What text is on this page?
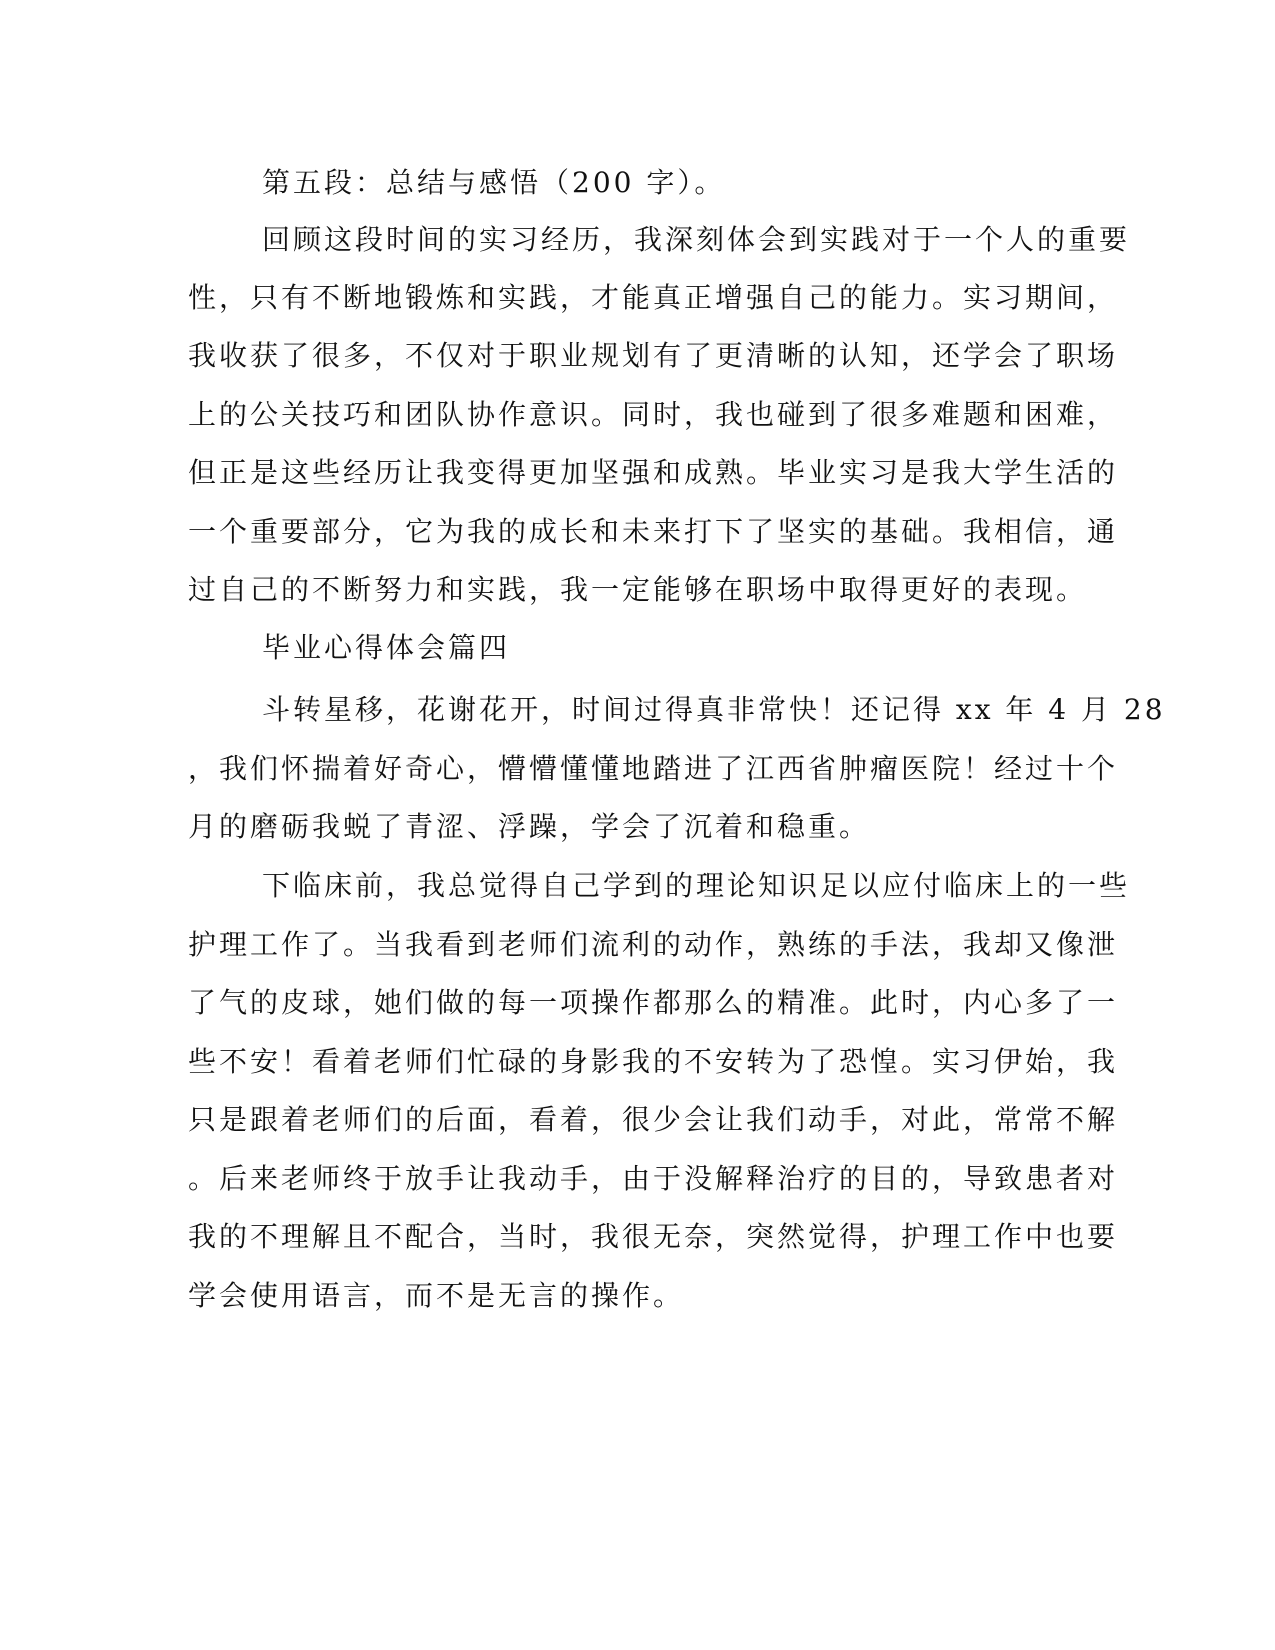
第五段：总结与感悟（200 字）。
回顾这段时间的实习经历，我深刻体会到实践对于一个人的重要
性，只有不断地锻炼和实践，才能真正增强自己的能力。实习期间，
我收获了很多，不仅对于职业规划有了更清晰的认知，还学会了职场
上的公关技巧和团队协作意识。同时，我也碰到了很多难题和困难，
但正是这些经历让我变得更加坚强和成熟。毕业实习是我大学生活的
一个重要部分，它为我的成长和未来打下了坚实的基础。我相信，通
过自己的不断努力和实践，我一定能够在职场中取得更好的表现。
毕业心得体会篇四
斗转星移，花谢花开，时间过得真非常快！还记得 xx 年 4 月 28
，我们怀揣着好奇心，懵懵懂懂地踏进了江西省肿瘤医院！经过十个
月的磨砺我蜕了青涩、浮躁，学会了沉着和稳重。
下临床前，我总觉得自己学到的理论知识足以应付临床上的一些
护理工作了。当我看到老师们流利的动作，熟练的手法，我却又像泄
了气的皮球，她们做的每一项操作都那么的精准。此时，内心多了一
些不安！看着老师们忙碌的身影我的不安转为了恐惶。实习伊始，我
只是跟着老师们的后面，看着，很少会让我们动手，对此，常常不解
。后来老师终于放手让我动手，由于没解释治疗的目的，导致患者对
我的不理解且不配合，当时，我很无奈，突然觉得，护理工作中也要
学会使用语言，而不是无言的操作。
